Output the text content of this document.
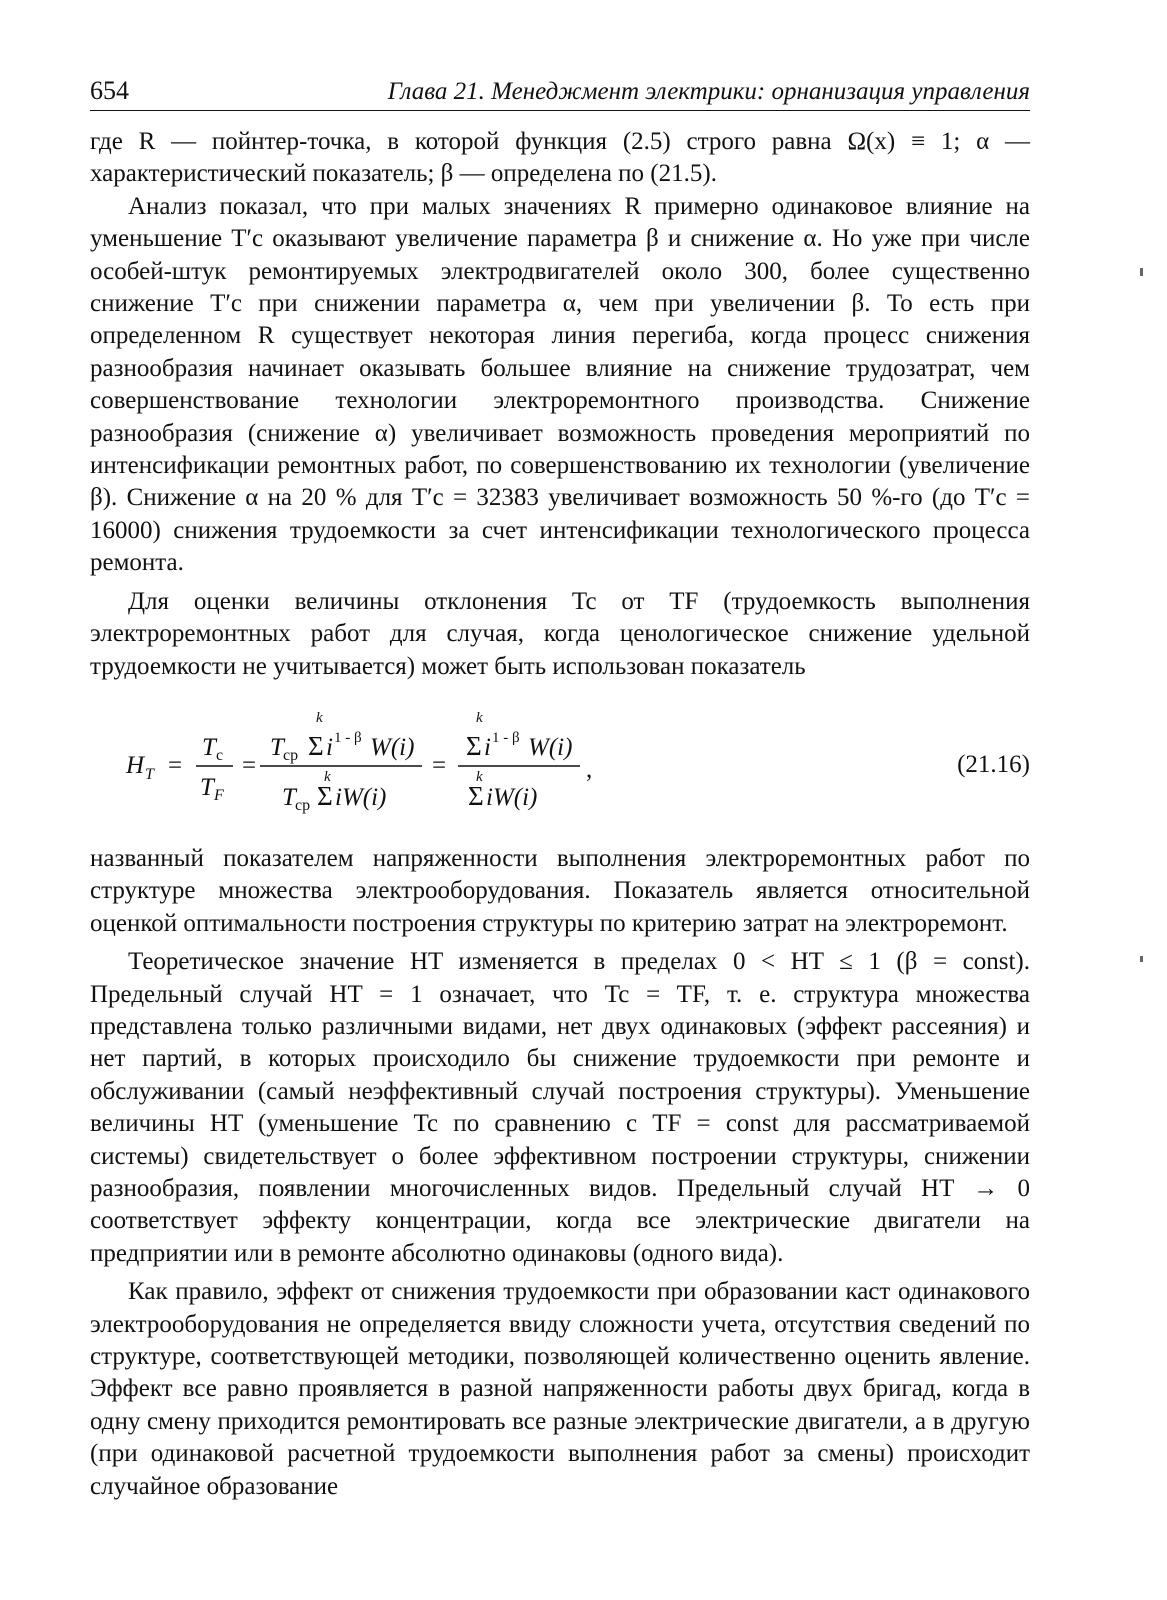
654	Глава 21. Менеджмент электрики: орнанизация управления

где R — пойнтер-точка, в которой функция (2.5) строго равна Ω(x) ≡ 1; α — характеристический показатель; β — определена по (21.5).

Анализ показал, что при малых значениях R примерно одинаковое влияние на уменьшение T′c оказывают увеличение параметра β и снижение α. Но уже при числе особей-штук ремонтируемых электродвигателей около 300, более существенно снижение T′c при снижении параметра α, чем при увеличении β. То есть при определенном R существует некоторая линия перегиба, когда процесс снижения разнообразия начинает оказывать большее влияние на снижение трудозатрат, чем совершенствование технологии электроремонтного производства. Снижение разнообразия (снижение α) увеличивает возможность проведения мероприятий по интенсификации ремонтных работ, по совершенствованию их технологии (увеличение β). Снижение α на 20 % для T′c = 32383 увеличивает возможность 50 %-го (до T′c = 16000) снижения трудоемкости за счет интенсификации технологического процесса ремонта.

Для оценки величины отклонения Tc от TF (трудоемкость выполнения электроремонтных работ для случая, когда ценологическое снижение удельной трудоемкости не учитывается) может быть использован показатель

H T =
T c
T F
=
T ср
k
Σ i 1 - β W(i)
T ср
k
Σ iW(i)
=
k
Σ i 1 - β W(i)
k
Σ iW(i)
,	(21.16)

названный показателем напряженности выполнения электроремонтных работ по структуре множества электрооборудования. Показатель является относительной оценкой оптимальности построения структуры по критерию затрат на электроремонт.

Теоретическое значение HT изменяется в пределах 0 < HT ≤ 1 (β = const). Предельный случай HT = 1 означает, что Tc = TF, т. е. структура множества представлена только различными видами, нет двух одинаковых (эффект рассеяния) и нет партий, в которых происходило бы снижение трудоемкости при ремонте и обслуживании (самый неэффективный случай построения структуры). Уменьшение величины HT (уменьшение Tc по сравнению с TF = const для рассматриваемой системы) свидетельствует о более эффективном построении структуры, снижении разнообразия, появлении многочисленных видов. Предельный случай HT → 0 соответствует эффекту концентрации, когда все электрические двигатели на предприятии или в ремонте абсолютно одинаковы (одного вида).

Как правило, эффект от снижения трудоемкости при образовании каст одинакового электрооборудования не определяется ввиду сложности учета, отсутствия сведений по структуре, соответствующей методики, позволяющей количественно оценить явление. Эффект все равно проявляется в разной напряженности работы двух бригад, когда в одну смену приходится ремонтировать все разные электрические двигатели, а в другую (при одинаковой расчетной трудоемкости выполнения работ за смены) происходит случайное образование
